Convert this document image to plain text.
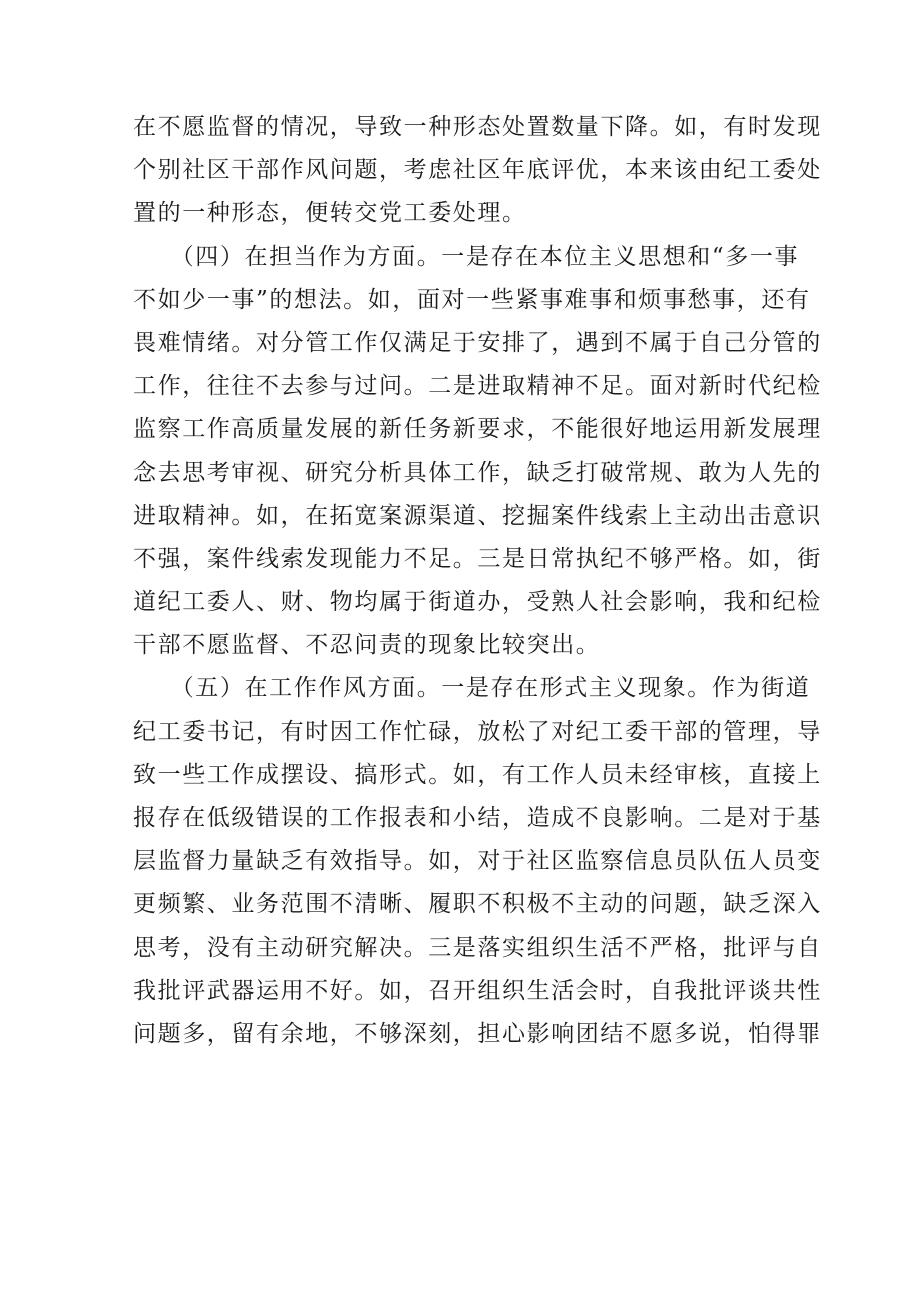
在不愿监督的情况，导致一种形态处置数量下降。如，有时发现
个别社区干部作风问题，考虑社区年底评优，本来该由纪工委处
置的一种形态，便转交党工委处理。

　　（四）在担当作为方面。一是存在本位主义思想和“多一事
不如少一事”的想法。如，面对一些紧事难事和烦事愁事，还有
畏难情绪。对分管工作仅满足于安排了，遇到不属于自己分管的
工作，往往不去参与过问。二是进取精神不足。面对新时代纪检
监察工作高质量发展的新任务新要求，不能很好地运用新发展理
念去思考审视、研究分析具体工作，缺乏打破常规、敢为人先的
进取精神。如，在拓宽案源渠道、挖掘案件线索上主动出击意识
不强，案件线索发现能力不足。三是日常执纪不够严格。如，街
道纪工委人、财、物均属于街道办，受熟人社会影响，我和纪检
干部不愿监督、不忍问责的现象比较突出。

　　（五）在工作作风方面。一是存在形式主义现象。作为街道
纪工委书记，有时因工作忙碌，放松了对纪工委干部的管理，导
致一些工作成摆设、搞形式。如，有工作人员未经审核，直接上
报存在低级错误的工作报表和小结，造成不良影响。二是对于基
层监督力量缺乏有效指导。如，对于社区监察信息员队伍人员变
更频繁、业务范围不清晰、履职不积极不主动的问题，缺乏深入
思考，没有主动研究解决。三是落实组织生活不严格，批评与自
我批评武器运用不好。如，召开组织生活会时，自我批评谈共性
问题多，留有余地，不够深刻，担心影响团结不愿多说，怕得罪
